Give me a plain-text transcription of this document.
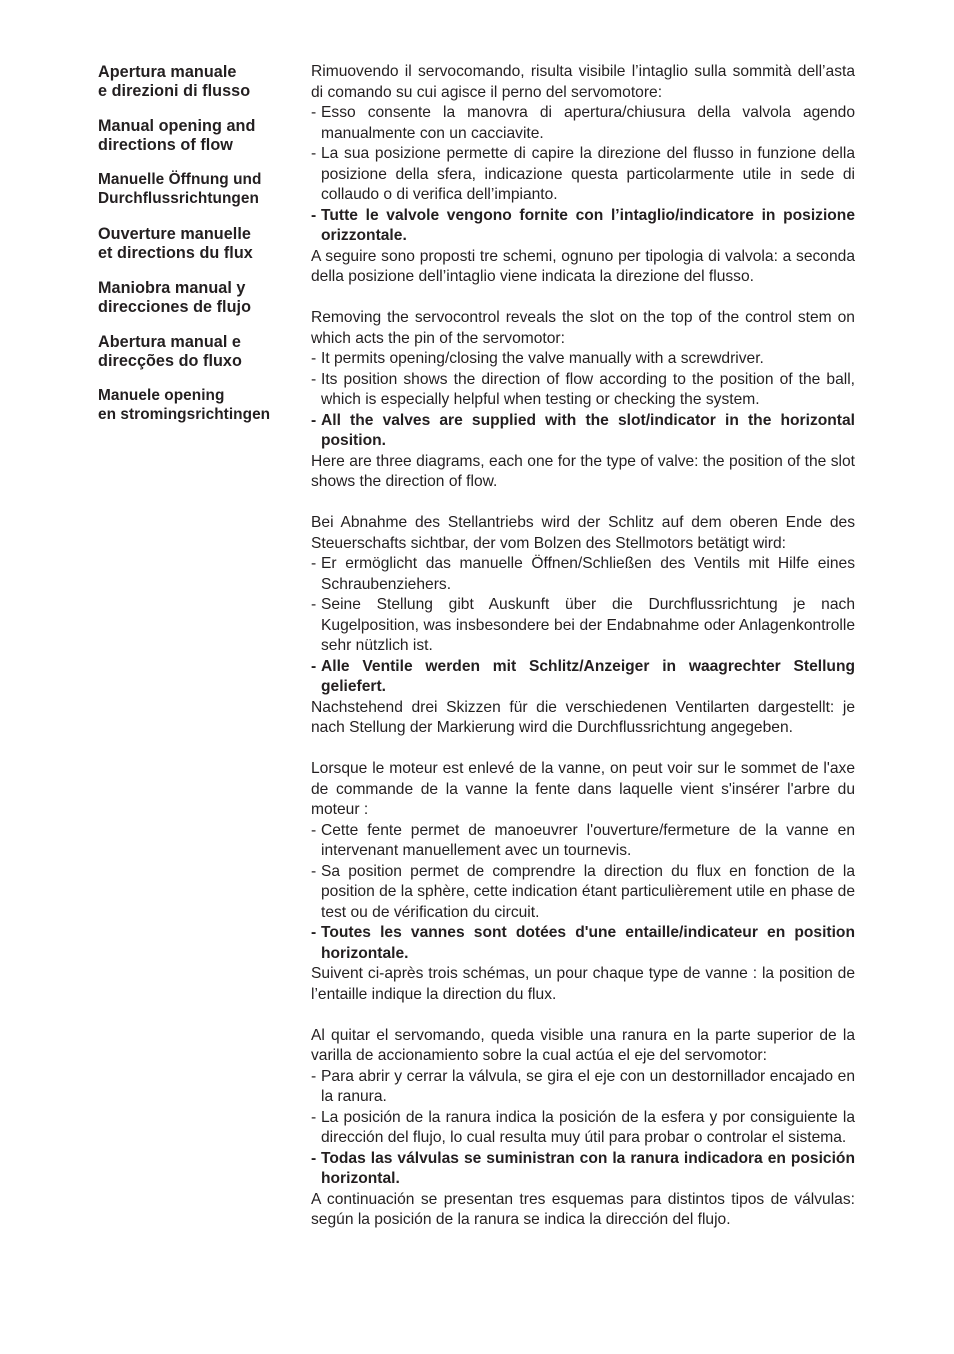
Apertura manuale
e direzioni di flusso
Manual opening and
directions of flow
Manuelle Öffnung und
Durchflussrichtungen
Ouverture manuelle
et directions du flux
Maniobra manual y
direcciones de flujo
Abertura manual e
direcções do fluxo
Manuele opening
en stromingsrichtingen

Rimuovendo il servocomando, risulta visibile l’intaglio sulla sommità dell’asta di comando su cui agisce il perno del servomotore:

- Esso consente la manovra di apertura/chiusura della valvola agendo manualmente con un cacciavite.
- La sua posizione permette di capire la direzione del flusso in funzione della posizione della sfera, indicazione questa particolarmente utile in sede di collaudo o di verifica dell’impianto.
- Tutte le valvole vengono fornite con l’intaglio/indicatore in posizione orizzontale.

A seguire sono proposti tre schemi, ognuno per tipologia di valvola: a seconda della posizione dell’intaglio viene indicata la direzione del flusso.

Removing the servocontrol reveals the slot on the top of the control stem on which acts the pin of the servomotor:

- It permits opening/closing the valve manually with a screwdriver.
- Its position shows the direction of flow according to the position of the ball, which is especially helpful when testing or checking the system.
- All the valves are supplied with the slot/indicator in the horizontal position.

Here are three diagrams, each one for the type of valve: the position of the slot shows the direction of flow.

Bei Abnahme des Stellantriebs wird der Schlitz auf dem oberen Ende des Steuerschafts sichtbar, der vom Bolzen des Stellmotors betätigt wird:

- Er ermöglicht das manuelle Öffnen/Schließen des Ventils mit Hilfe eines Schraubenziehers.
- Seine Stellung gibt Auskunft über die Durchflussrichtung je nach Kugelposition, was insbesondere bei der Endabnahme oder Anlagenkontrolle sehr nützlich ist.
- Alle Ventile werden mit Schlitz/Anzeiger in waagrechter Stellung geliefert.

Nachstehend drei Skizzen für die verschiedenen Ventilarten dargestellt: je nach Stellung der Markierung wird die Durchflussrichtung angegeben.

Lorsque le moteur est enlevé de la vanne, on peut voir sur le sommet de l'axe de commande de la vanne la fente dans laquelle vient s'insérer l'arbre du moteur :

- Cette fente permet de manoeuvrer l'ouverture/fermeture de la vanne en intervenant manuellement avec un tournevis.
- Sa position permet de comprendre la direction du flux en fonction de la position de la sphère, cette indication étant particulièrement utile en phase de test ou de vérification du circuit.
- Toutes les vannes sont dotées d'une entaille/indicateur en position horizontale.

Suivent ci-après trois schémas, un pour chaque type de vanne : la position de l’entaille indique la direction du flux.

Al quitar el servomando, queda visible una ranura en la parte superior de la varilla de accionamiento sobre la cual actúa el eje del servomotor:

- Para abrir y cerrar la válvula, se gira el eje con un destornillador encajado en la ranura.
- La posición de la ranura indica la posición de la esfera y por consiguiente la dirección del flujo, lo cual resulta muy útil para probar o controlar el sistema.
- Todas las válvulas se suministran con la ranura indicadora en posición horizontal.

A continuación se presentan tres esquemas para distintos tipos de válvulas: según la posición de la ranura se indica la dirección del flujo.
